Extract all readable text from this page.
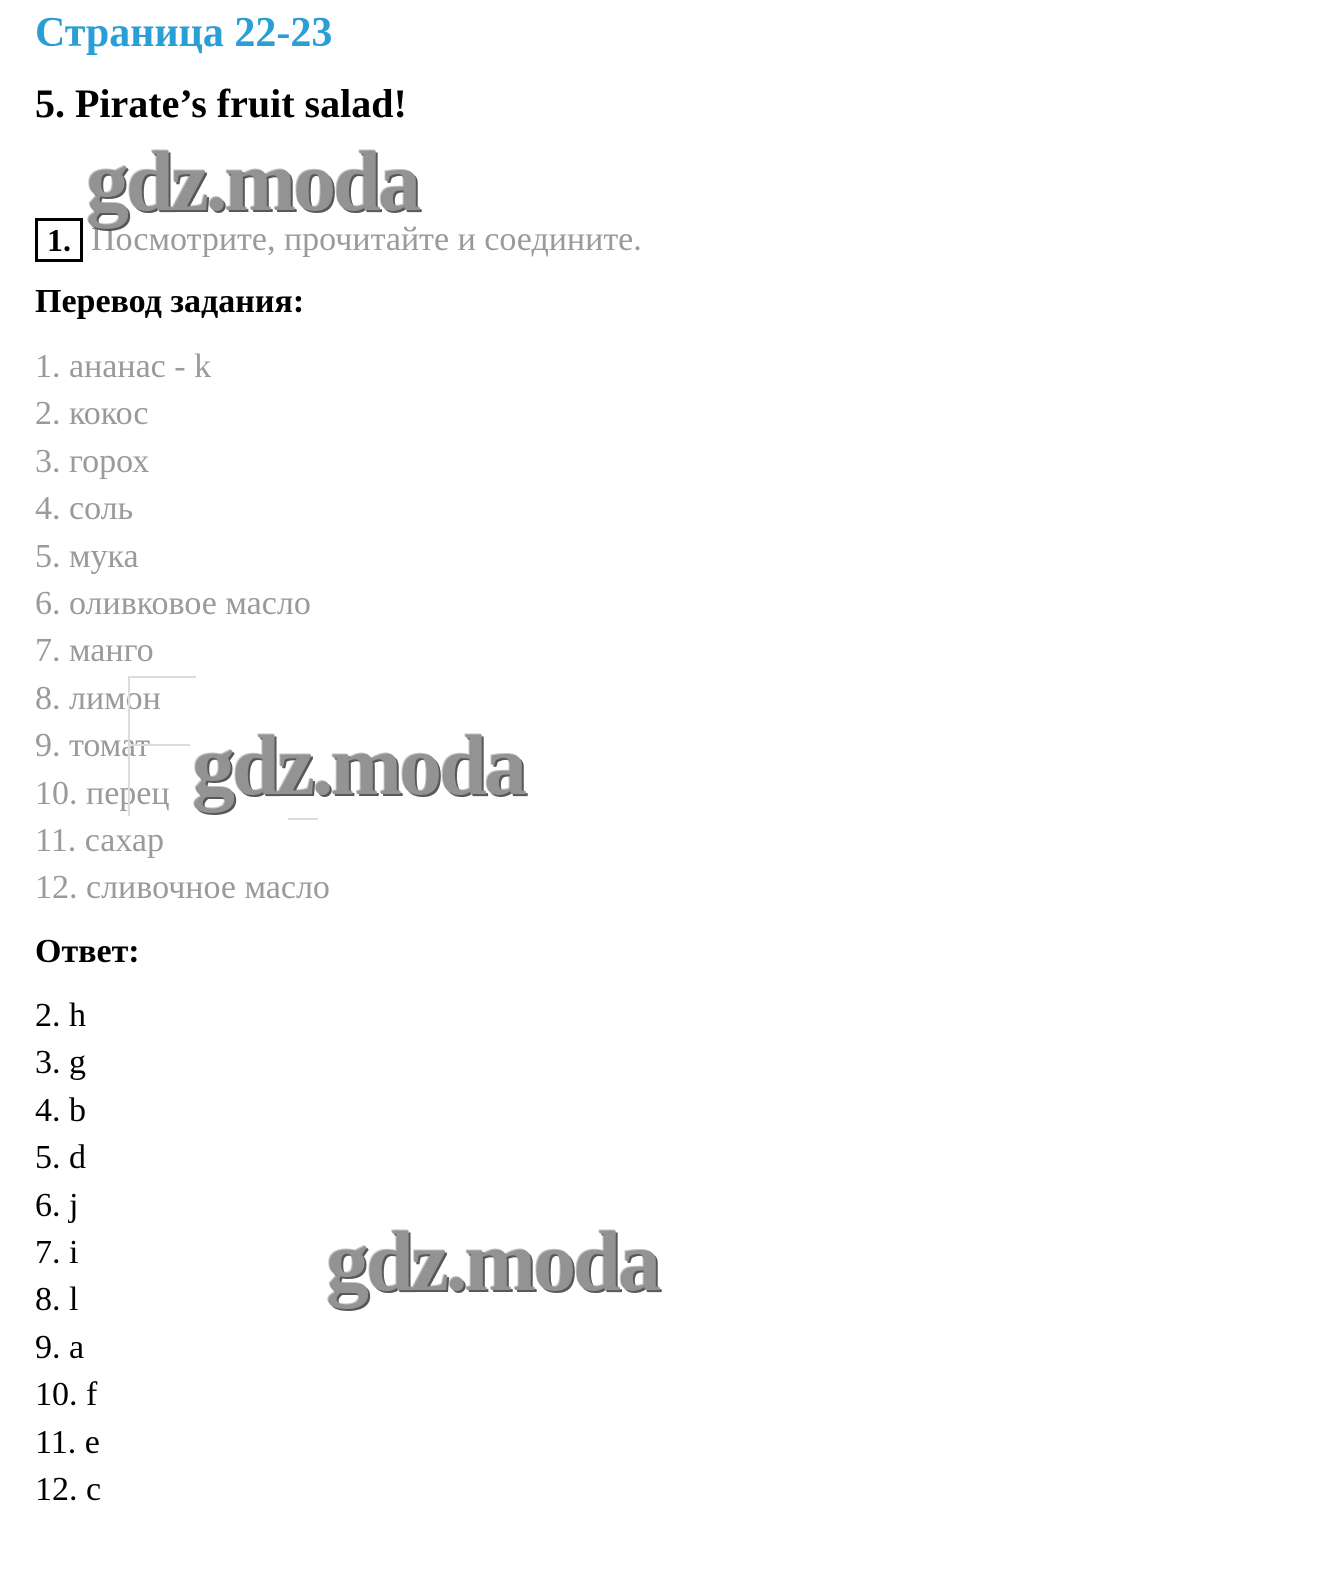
Страница 22-23
5. Pirate’s fruit salad!
1. Посмотрите, прочитайте и соедините.
Перевод задания:
1. ананас - k
2. кокос
3. горох
4. соль
5. мука
6. оливковое масло
7. манго
8. лимон
9. томат
10. перец
11. сахар
12. сливочное масло
Ответ:
2. h
3. g
4. b
5. d
6. j
7. i
8. l
9. a
10. f
11. e
12. c
gdz.moda
gdz.moda
gdz.moda
